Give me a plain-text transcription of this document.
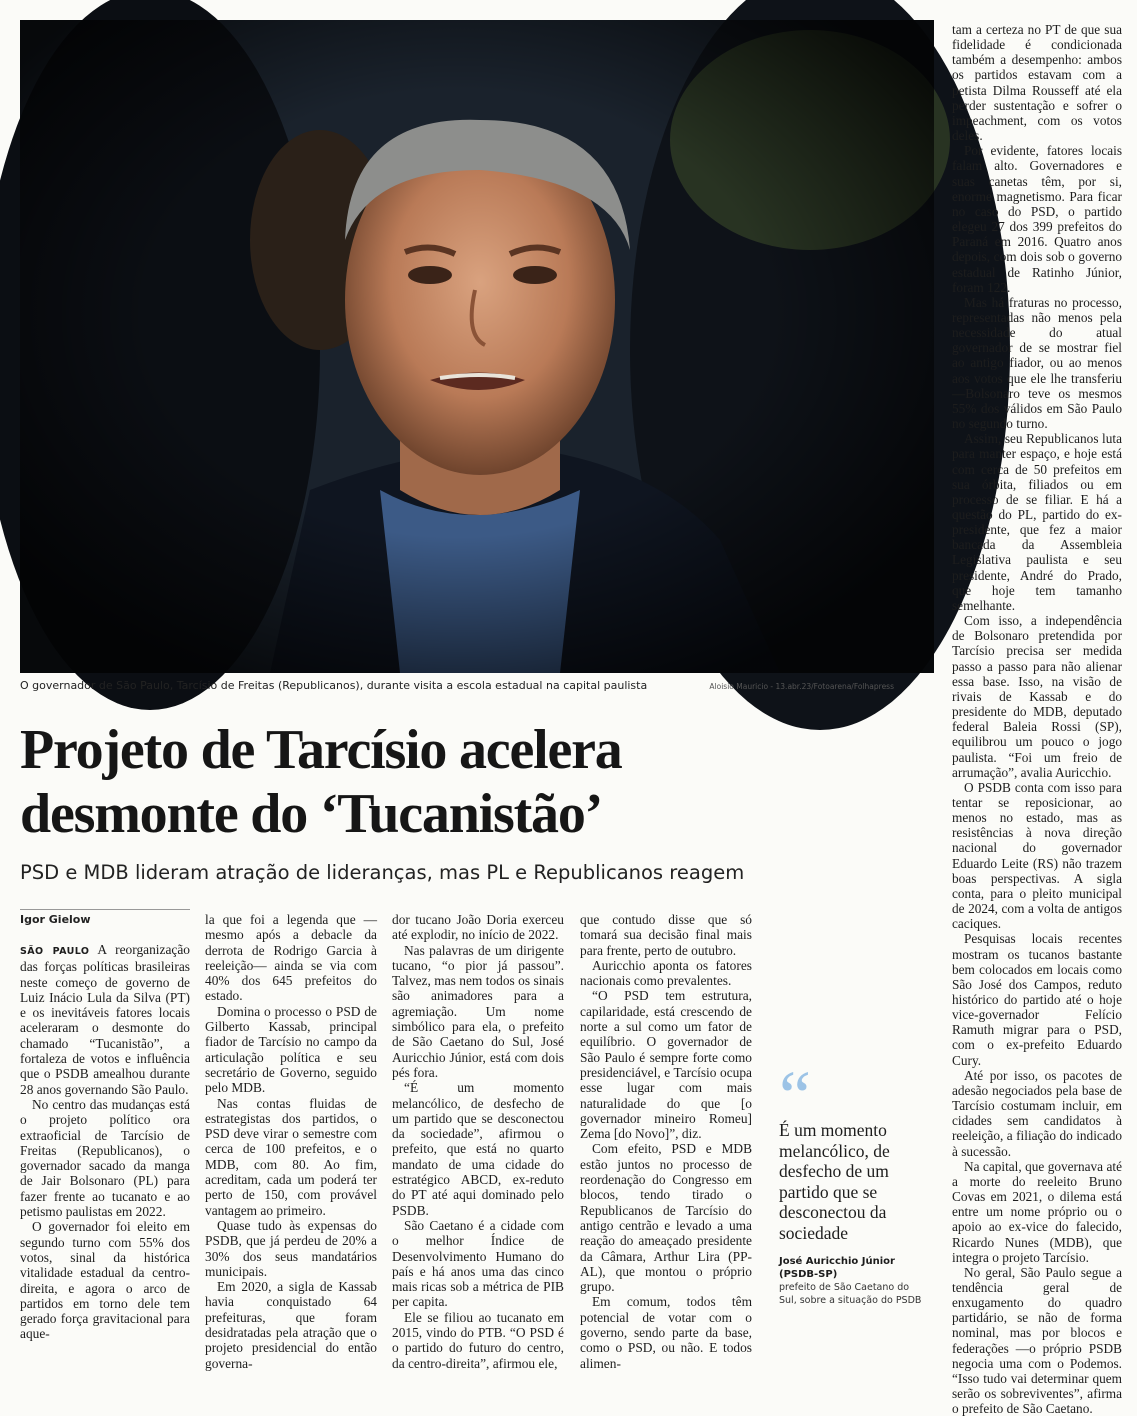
O governador de São Paulo, Tarcísio de Freitas (Republicanos), durante visita a escola estadual na capital paulista	Aloisio Mauricio - 13.abr.23/Fotoarena/Folhapress
Projeto de Tarcísio acelera
desmonte do ‘Tucanistão’
PSD e MDB lideram atração de lideranças, mas PL e Republicanos reagem
Igor Gielow

SÃO PAULO A reorganização das forças políticas brasileiras neste começo de governo de Luiz Inácio Lula da Silva (PT) e os inevitáveis fatores locais aceleraram o desmonte do chamado “Tucanistão”, a fortaleza de votos e influência que o PSDB amealhou durante 28 anos governando São Paulo.

No centro das mudanças está o projeto político ora extraoficial de Tarcísio de Freitas (Republicanos), o governador sacado da manga de Jair Bolsonaro (PL) para fazer frente ao tucanato e ao petismo paulistas em 2022.

O governador foi eleito em segundo turno com 55% dos votos, sinal da histórica vitalidade estadual da centro-direita, e agora o arco de partidos em torno dele tem gerado força gravitacional para aque-

la que foi a legenda que —mesmo após a debacle da derrota de Rodrigo Garcia à reeleição— ainda se via com 40% dos 645 prefeitos do estado.

Domina o processo o PSD de Gilberto Kassab, principal fiador de Tarcísio no campo da articulação política e seu secretário de Governo, seguido pelo MDB.

Nas contas fluidas de estrategistas dos partidos, o PSD deve virar o semestre com cerca de 100 prefeitos, e o MDB, com 80. Ao fim, acreditam, cada um poderá ter perto de 150, com provável vantagem ao primeiro.

Quase tudo às expensas do PSDB, que já perdeu de 20% a 30% dos seus mandatários municipais.

Em 2020, a sigla de Kassab havia conquistado 64 prefeituras, que foram desidratadas pela atração que o projeto presidencial do então governa-

dor tucano João Doria exerceu até explodir, no início de 2022.

Nas palavras de um dirigente tucano, “o pior já passou”. Talvez, mas nem todos os sinais são animadores para a agremiação. Um nome simbólico para ela, o prefeito de São Caetano do Sul, José Auricchio Júnior, está com dois pés fora.

“É um momento melancólico, de desfecho de um partido que se desconectou da sociedade”, afirmou o prefeito, que está no quarto mandato de uma cidade do estratégico ABCD, ex-reduto do PT até aqui dominado pelo PSDB.

São Caetano é a cidade com o melhor Índice de Desenvolvimento Humano do país e há anos uma das cinco mais ricas sob a métrica de PIB per capita.

Ele se filiou ao tucanato em 2015, vindo do PTB. “O PSD é o partido do futuro do centro, da centro-direita”, afirmou ele,

que contudo disse que só tomará sua decisão final mais para frente, perto de outubro.

Auricchio aponta os fatores nacionais como prevalentes.

“O PSD tem estrutura, capilaridade, está crescendo de norte a sul como um fator de equilíbrio. O governador de São Paulo é sempre forte como presidenciável, e Tarcísio ocupa esse lugar com mais naturalidade do que [o governador mineiro Romeu] Zema [do Novo]”, diz.

Com efeito, PSD e MDB estão juntos no processo de reordenação do Congresso em blocos, tendo tirado o Republicanos de Tarcísio do antigo centrão e levado a uma reação do ameaçado presidente da Câmara, Arthur Lira (PP-AL), que montou o próprio grupo.

Em comum, todos têm potencial de votar com o governo, sendo parte da base, como o PSD, ou não. E todos alimen-

“
É um momento melancólico, de desfecho de um partido que se desconectou da sociedade
José Auricchio Júnior (PSDB-SP)
prefeito de São Caetano do Sul, sobre a situação do PSDB

tam a certeza no PT de que sua fidelidade é condicionada também a desempenho: ambos os partidos estavam com a petista Dilma Rousseff até ela perder sustentação e sofrer o impeachment, com os votos deles.

Por evidente, fatores locais falam alto. Governadores e suas canetas têm, por si, enorme magnetismo. Para ficar no caso do PSD, o partido elegeu 27 dos 399 prefeitos do Paraná em 2016. Quatro anos depois, com dois sob o governo estadual de Ratinho Júnior, foram 122.

Mas há fraturas no processo, representadas não menos pela necessidade do atual governador de se mostrar fiel ao antigo fiador, ou ao menos aos votos que ele lhe transferiu —Bolsonaro teve os mesmos 55% dos válidos em São Paulo no segundo turno.

Assim, seu Republicanos luta para manter espaço, e hoje está com cerca de 50 prefeitos em sua órbita, filiados ou em processo de se filiar. E há a questão do PL, partido do ex-presidente, que fez a maior bancada da Assembleia Legislativa paulista e seu presidente, André do Prado, que hoje tem tamanho semelhante.

Com isso, a independência de Bolsonaro pretendida por Tarcísio precisa ser medida passo a passo para não alienar essa base. Isso, na visão de rivais de Kassab e do presidente do MDB, deputado federal Baleia Rossi (SP), equilibrou um pouco o jogo paulista. “Foi um freio de arrumação”, avalia Auricchio.

O PSDB conta com isso para tentar se reposicionar, ao menos no estado, mas as resistências à nova direção nacional do governador Eduardo Leite (RS) não trazem boas perspectivas. A sigla conta, para o pleito municipal de 2024, com a volta de antigos caciques.

Pesquisas locais recentes mostram os tucanos bastante bem colocados em locais como São José dos Campos, reduto histórico do partido até o hoje vice-governador Felício Ramuth migrar para o PSD, com o ex-prefeito Eduardo Cury.

Até por isso, os pacotes de adesão negociados pela base de Tarcísio costumam incluir, em cidades sem candidatos à reeleição, a filiação do indicado à sucessão.

Na capital, que governava até a morte do reeleito Bruno Covas em 2021, o dilema está entre um nome próprio ou o apoio ao ex-vice do falecido, Ricardo Nunes (MDB), que integra o projeto Tarcísio.

No geral, São Paulo segue a tendência geral de enxugamento do quadro partidário, se não de forma nominal, mas por blocos e federações —o próprio PSDB negocia uma com o Podemos. “Isso tudo vai determinar quem serão os sobreviventes”, afirma o prefeito de São Caetano.
